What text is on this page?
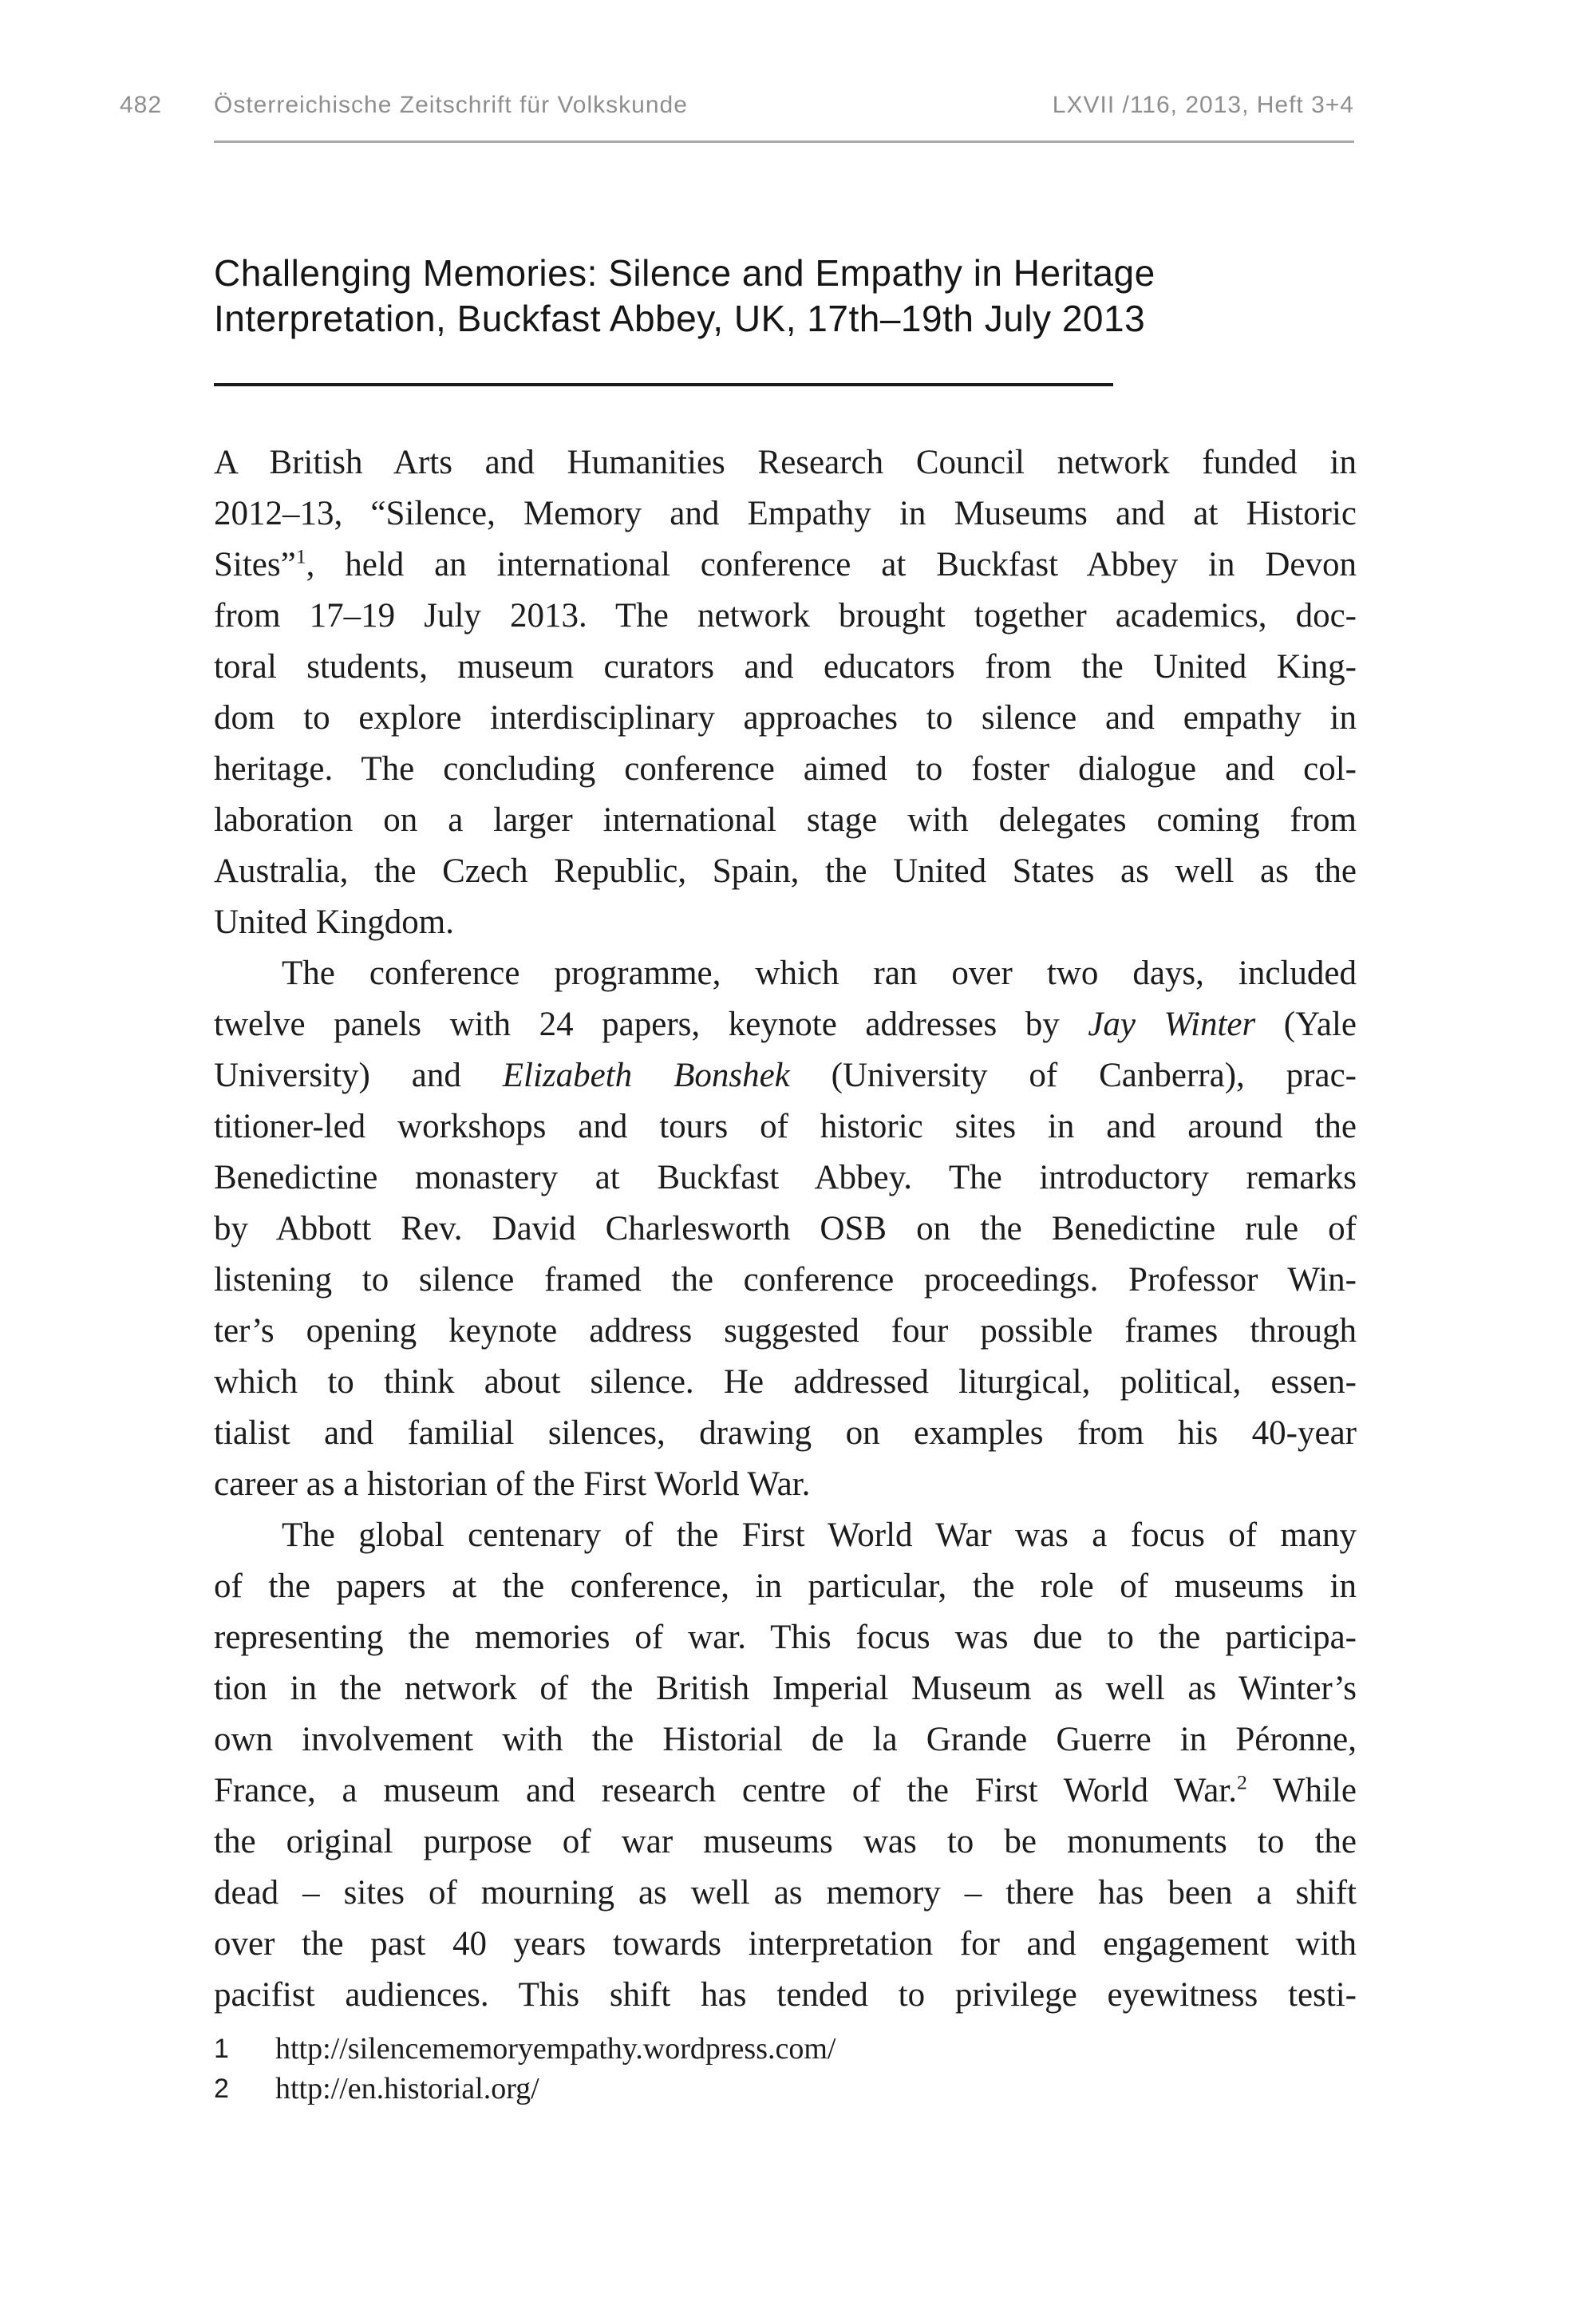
482 Österreichische Zeitschrift für Volkskunde	LXVII /116, 2013, Heft 3+4
Challenging Memories: Silence and Empathy in Heritage
Interpretation, Buckfast Abbey, UK, 17th–19th July 2013
A British Arts and Humanities Research Council network funded in
2012–13, “Silence, Memory and Empathy in Museums and at Historic
Sites”$^1$, held an international conference at Buckfast Abbey in Devon
from 17–19 July 2013. The network brought together academics, doc-
toral students, museum curators and educators from the United King-
dom to explore interdisciplinary approaches to silence and empathy in
heritage. The concluding conference aimed to foster dialogue and col-
laboration on a larger international stage with delegates coming from
Australia, the Czech Republic, Spain, the United States as well as the
United Kingdom.
The conference programme, which ran over two days, included
twelve panels with 24 papers, keynote addresses by Jay Winter (Yale
University) and Elizabeth Bonshek (University of Canberra), prac-
titioner-led workshops and tours of historic sites in and around the
Benedictine monastery at Buckfast Abbey. The introductory remarks
by Abbott Rev. David Charlesworth OSB on the Benedictine rule of
listening to silence framed the conference proceedings. Professor Win-
ter’s opening keynote address suggested four possible frames through
which to think about silence. He addressed liturgical, political, essen-
tialist and familial silences, drawing on examples from his 40-year
career as a historian of the First World War.
The global centenary of the First World War was a focus of many
of the papers at the conference, in particular, the role of museums in
representing the memories of war. This focus was due to the participa-
tion in the network of the British Imperial Museum as well as Winter’s
own involvement with the Historial de la Grande Guerre in Péronne,
France, a museum and research centre of the First World War.$^2$ While
the original purpose of war museums was to be monuments to the
dead – sites of mourning as well as memory – there has been a shift
over the past 40 years towards interpretation for and engagement with
pacifist audiences. This shift has tended to privilege eyewitness testi-
1 http://silencememoryempathy.wordpress.com/
2 http://en.historial.org/
